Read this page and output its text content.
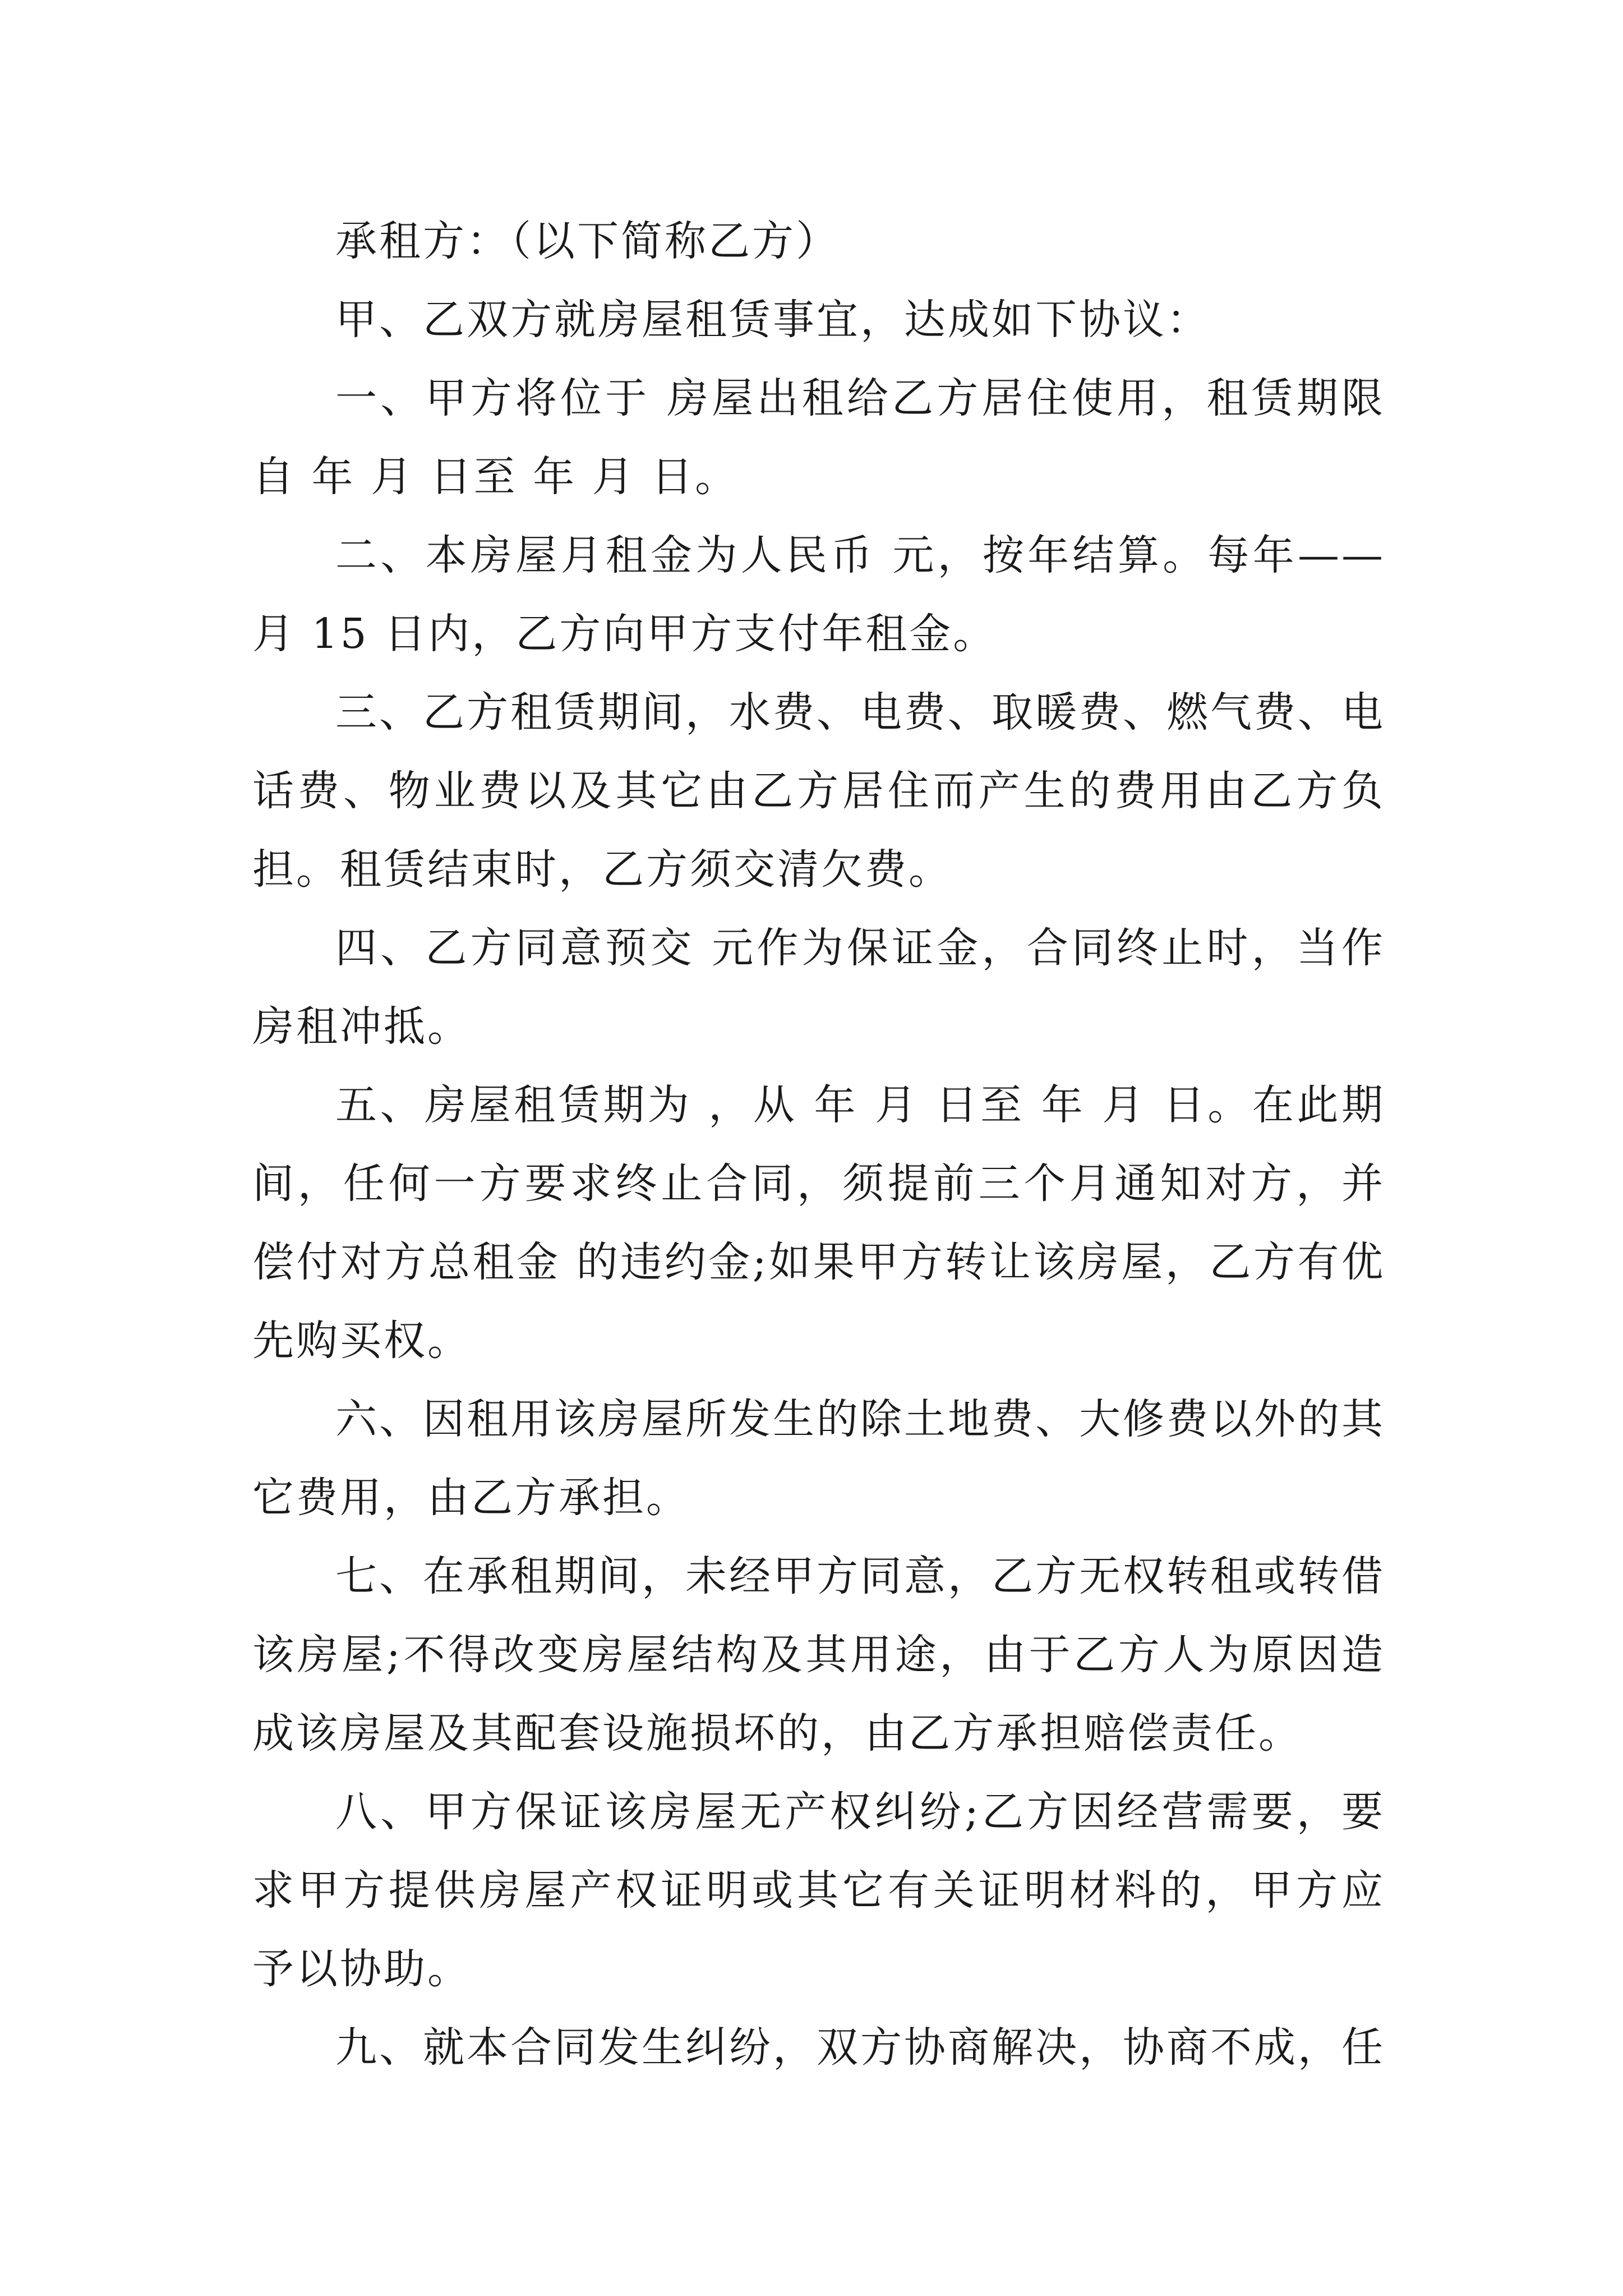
承租方：（以下简称乙方）

甲、乙双方就房屋租赁事宜，达成如下协议：

一、甲方将位于 房屋出租给乙方居住使用，租赁期限自 年 月 日至 年 月 日。

二、本房屋月租金为人民币 元，按年结算。每年——月 15 日内，乙方向甲方支付年租金。

三、乙方租赁期间，水费、电费、取暖费、燃气费、电话费、物业费以及其它由乙方居住而产生的费用由乙方负担。租赁结束时，乙方须交清欠费。

四、乙方同意预交 元作为保证金，合同终止时，当作房租冲抵。

五、房屋租赁期为 ，从 年 月 日至 年 月 日。在此期间，任何一方要求终止合同，须提前三个月通知对方，并偿付对方总租金 的违约金;如果甲方转让该房屋，乙方有优先购买权。

六、因租用该房屋所发生的除土地费、大修费以外的其它费用，由乙方承担。

七、在承租期间，未经甲方同意，乙方无权转租或转借该房屋;不得改变房屋结构及其用途，由于乙方人为原因造成该房屋及其配套设施损坏的，由乙方承担赔偿责任。

八、甲方保证该房屋无产权纠纷;乙方因经营需要，要求甲方提供房屋产权证明或其它有关证明材料的，甲方应予以协助。

九、就本合同发生纠纷，双方协商解决，协商不成，任
